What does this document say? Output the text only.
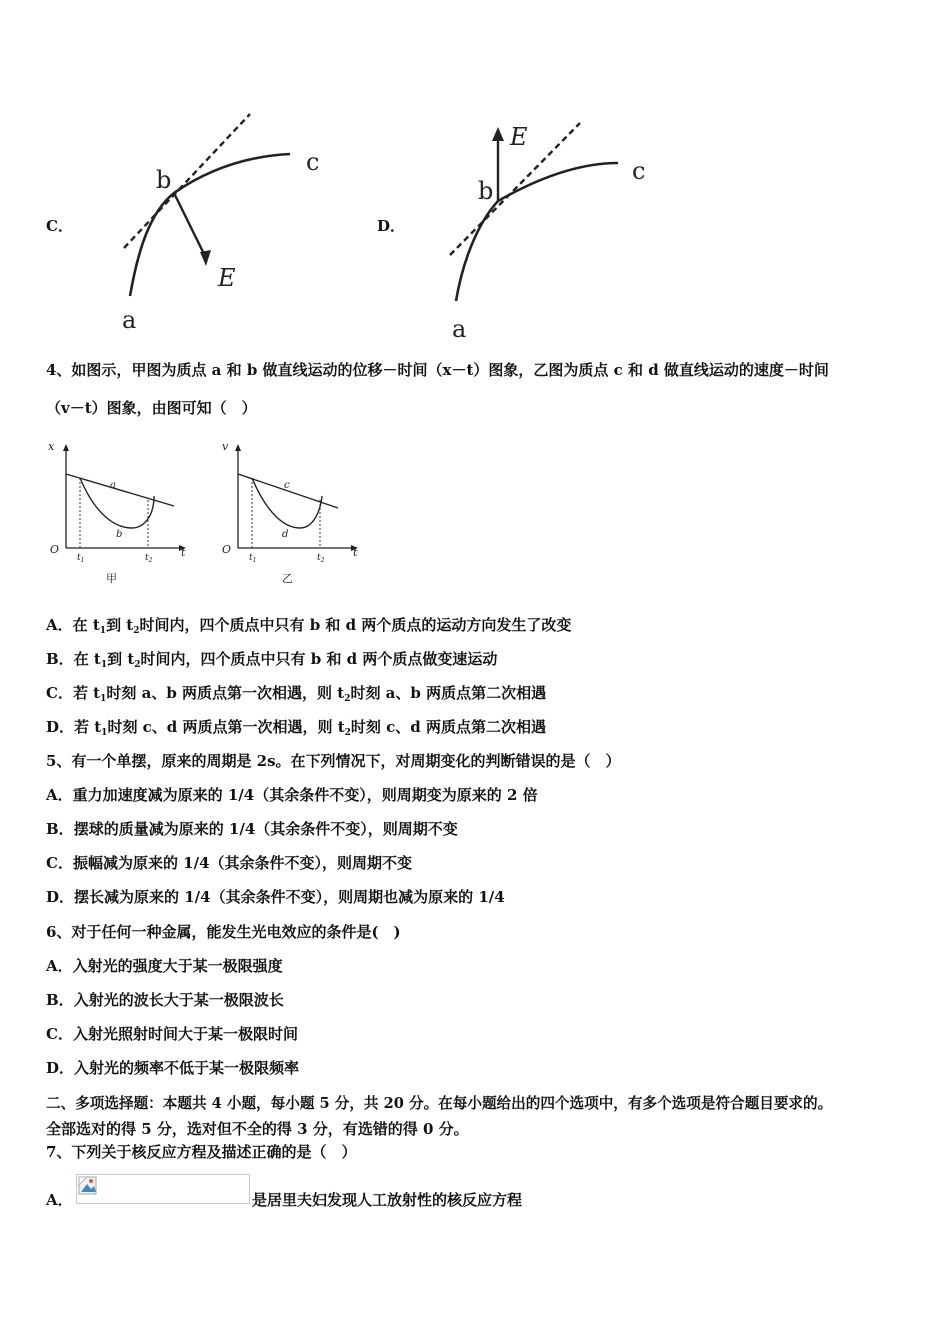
C．
b
c
a
E
D．
b
c
a
E
4、如图示，甲图为质点 a 和 b 做直线运动的位移－时间（x－t）图象，乙图为质点 c 和 d 做直线运动的速度－时间
（v－t）图象，由图可知（　）
x
t
O
$t_1$	$t_2$
a
b
甲
v
t
O
$t_1$	$t_2$
c
d
乙
A．在 $t_1$到 $t_2$时间内，四个质点中只有 b 和 d 两个质点的运动方向发生了改变
B．在 $t_1$到 $t_2$时间内，四个质点中只有 b 和 d 两个质点做变速运动
C．若 $t_1$时刻 a、b 两质点第一次相遇，则 $t_2$时刻 a、b 两质点第二次相遇
D．若 $t_1$时刻 c、d 两质点第一次相遇，则 $t_2$时刻 c、d 两质点第二次相遇
5、有一个单摆，原来的周期是 2s。在下列情况下，对周期变化的判断错误的是（　）
A．重力加速度减为原来的 1/4（其余条件不变），则周期变为原来的 2 倍
B．摆球的质量减为原来的 1/4（其余条件不变），则周期不变
C．振幅减为原来的 1/4（其余条件不变），则周期不变
D．摆长减为原来的 1/4（其余条件不变），则周期也减为原来的 1/4
6、对于任何一种金属，能发生光电效应的条件是(　)
A．入射光的强度大于某一极限强度
B．入射光的波长大于某一极限波长
C．入射光照射时间大于某一极限时间
D．入射光的频率不低于某一极限频率
二、多项选择题：本题共 4 小题，每小题 5 分，共 20 分。在每小题给出的四个选项中，有多个选项是符合题目要求的。
全部选对的得 5 分，选对但不全的得 3 分，有选错的得 0 分。
7、下列关于核反应方程及描述正确的是（　）
A．	是居里夫妇发现人工放射性的核反应方程
